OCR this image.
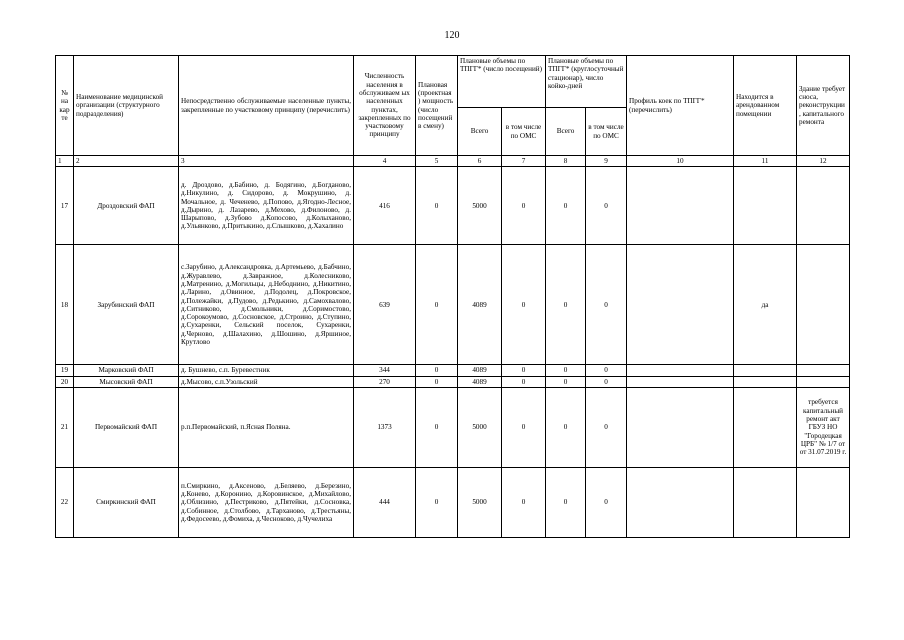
120
№ на кар те	Наименование медицинской организации (структурного подразделения)	Непосредственно обслуживаемые населенные пункты, закрепленные по участковому принципу (перечислить)	Численность населения в обслуживаем ых населенных пунктах, закрепленных по участковому принципу	Плановая (проектная ) мощность (число посещений в смену)	Плановые объемы по ТПГГ* (число посещений)		Плановые объемы по ТПГГ* (круглосуточный стационар), число койко-дней		Профиль коек по ТПГГ* (перечислить)	Находится в арендованном помещении	Здание требует сноса, реконструкции , капитального ремонта
					Всего	в том числе по ОМС	Всего	в том числе по ОМС			
1	2	3	4	5	6	7	8	9	10	11	12
17	Дроздовский ФАП	д. Дроздово, д.Бабино, д. Бодягино, д.Богданово, д.Никулино, д. Сидорово, д. Мокрушино, д. Мочальное, д. Чеченево, д.Попово, д.Ягодно-Лесное, д.Дырино, д. Лазарево, д.Мехово, д.Филоново, д. Шарыпово, д.Зубово д.Копосово, д.Колыханово, д.Ульянково, д.Притыкино, д.Слышково, д.Хахалино	416	0	5000	0	0	0			
18	Зарубинский ФАП	с.Зарубино, д.Александровка, д.Артемьево, д.Бабчино, д.Журавлево, д.Завражное, д.Колесниково, д.Матренино, д.Могильцы, д.Небоднино, д.Никитино, д.Ларино, д.Овинное, д.Подолец, д.Покровское, д.Полежайки, д.Пудово, д.Редькино, д.Самохвалово, д.Ситниково, д.Смольники, д.Соримостово, д.Сорокоумово, д.Сосновское, д.Строино, д.Ступино, д.Сухаренки, Сельский поселок, Сухаренки, д.Черново, д.Шалахино, д.Шошино, д.Яршиное, Крутлово	639	0	4089	0	0	0		да	
19	Марковский ФАП	д. Бушнево, с.п. Буревестник	344	0	4089	0	0	0			
20	Мысовский ФАП	д.Мысово, с.п.Узольский	270	0	4089	0	0	0			
21	Первомайский ФАП	р.п.Первомайский, п.Ясная Поляна.	1373	0	5000	0	0	0			требуется капитальный ремонт акт ГБУЗ НО "Городецкая ЦРБ" № 1/7 от от 31.07.2019 г.
22	Смиркинский ФАП	п.Смиркино, д.Аксеново, д.Беляево, д.Березино, д.Конево, д.Коронино, д.Коровинское, д.Михайлово, д.Облизино, д.Пестриково, д.Пятейки, д.Сосновка, д.Собинное, д.Столбово, д.Тарханово, д.Трестьяны, д.Федосеево, д.Фомиха, д.Чесноково, д.Чучелиха	444	0	5000	0	0	0			
